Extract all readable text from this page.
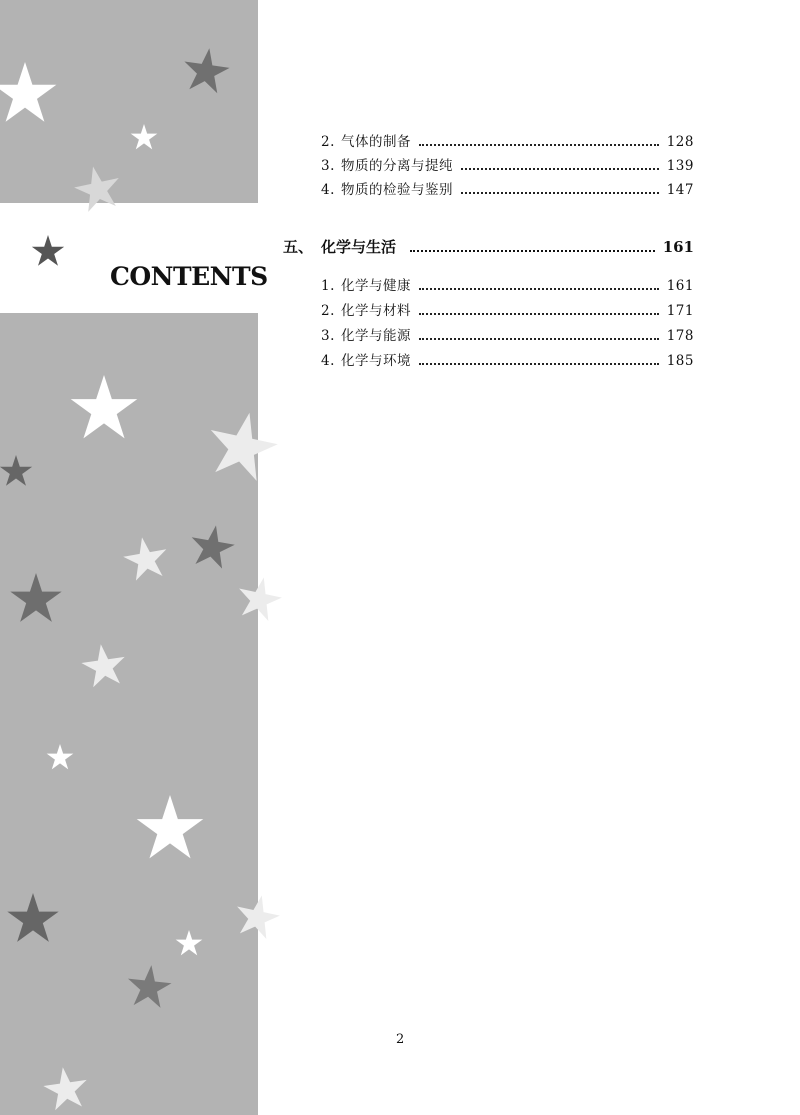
CONTENTS
2. 气体的制备	128
3. 物质的分离与提纯	139
4. 物质的检验与鉴别	147
五、 化学与生活	161
1. 化学与健康	161
2. 化学与材料	171
3. 化学与能源	178
4. 化学与环境	185
2
